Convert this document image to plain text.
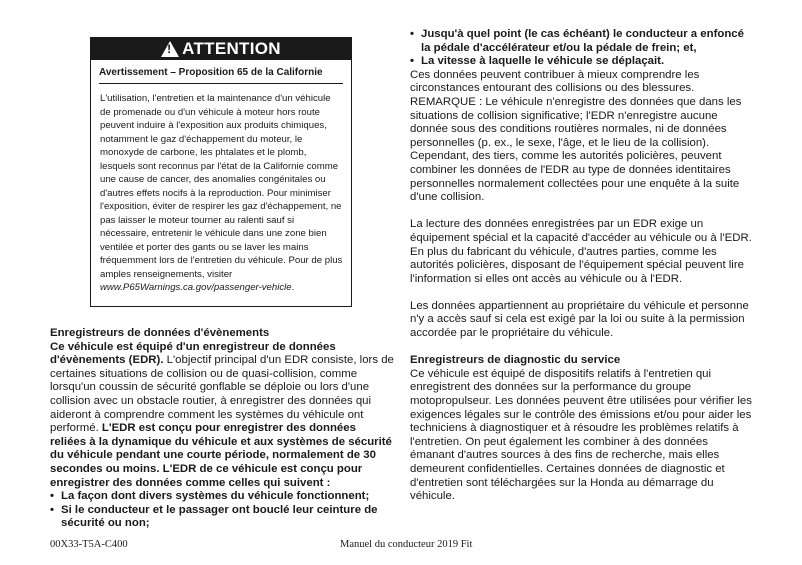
!
ATTENTION
Avertissement – Proposition 65 de la Californie
L'utilisation, l'entretien et la maintenance d'un véhicule de promenade ou d'un véhicule à moteur hors route peuvent induire à l'exposition aux produits chimiques, notamment le gaz d'échappement du moteur, le monoxyde de carbone, les phtalates et le plomb, lesquels sont reconnus par l'état de la Californie comme une cause de cancer, des anomalies congénitales ou d'autres effets nocifs à la reproduction. Pour minimiser l'exposition, éviter de respirer les gaz d'échappement, ne pas laisser le moteur tourner au ralenti sauf si nécessaire, entretenir le véhicule dans une zone bien ventilée et porter des gants ou se laver les mains fréquemment lors de l'entretien du véhicule. Pour de plus amples renseignements, visiter www.P65Warnings.ca.gov/passenger-vehicle.

Enregistreurs de données d'évènements

Ce véhicule est équipé d'un enregistreur de données d'évènements (EDR). L'objectif principal d'un EDR consiste, lors de certaines situations de collision ou de quasi-collision, comme lorsqu'un coussin de sécurité gonflable se déploie ou lors d'une collision avec un obstacle routier, à enregistrer des données qui aideront à comprendre comment les systèmes du véhicule ont performé. L'EDR est conçu pour enregistrer des données reliées à la dynamique du véhicule et aux systèmes de sécurité du véhicule pendant une courte période, normalement de 30 secondes ou moins. L'EDR de ce véhicule est conçu pour enregistrer des données comme celles qui suivent :

• La façon dont divers systèmes du véhicule fonctionnent;
• Si le conducteur et le passager ont bouclé leur ceinture de sécurité ou non;
• Jusqu'à quel point (le cas échéant) le conducteur a enfoncé la pédale d'accélérateur et/ou la pédale de frein; et,
• La vitesse à laquelle le véhicule se déplaçait.

Ces données peuvent contribuer à mieux comprendre les circonstances entourant des collisions ou des blessures. REMARQUE : Le véhicule n'enregistre des données que dans les situations de collision significative; l'EDR n'enregistre aucune donnée sous des conditions routières normales, ni de données personnelles (p. ex., le sexe, l'âge, et le lieu de la collision). Cependant, des tiers, comme les autorités policières, peuvent combiner les données de l'EDR au type de données identitaires personnelles normalement collectées pour une enquête à la suite d'une collision.

La lecture des données enregistrées par un EDR exige un équipement spécial et la capacité d'accéder au véhicule ou à l'EDR. En plus du fabricant du véhicule, d'autres parties, comme les autorités policières, disposant de l'équipement spécial peuvent lire l'information si elles ont accès au véhicule ou à l'EDR.

Les données appartiennent au propriétaire du véhicule et personne n'y a accès sauf si cela est exigé par la loi ou suite à la permission accordée par le propriétaire du véhicule.

Enregistreurs de diagnostic du service

Ce véhicule est équipé de dispositifs relatifs à l'entretien qui enregistrent des données sur la performance du groupe motopropulseur. Les données peuvent être utilisées pour vérifier les exigences légales sur le contrôle des émissions et/ou pour aider les techniciens à diagnostiquer et à résoudre les problèmes relatifs à l'entretien. On peut également les combiner à des données émanant d'autres sources à des fins de recherche, mais elles demeurent confidentielles. Certaines données de diagnostic et d'entretien sont téléchargées sur la Honda au démarrage du véhicule.

00X33-T5A-C400	Manuel du conducteur 2019 Fit
